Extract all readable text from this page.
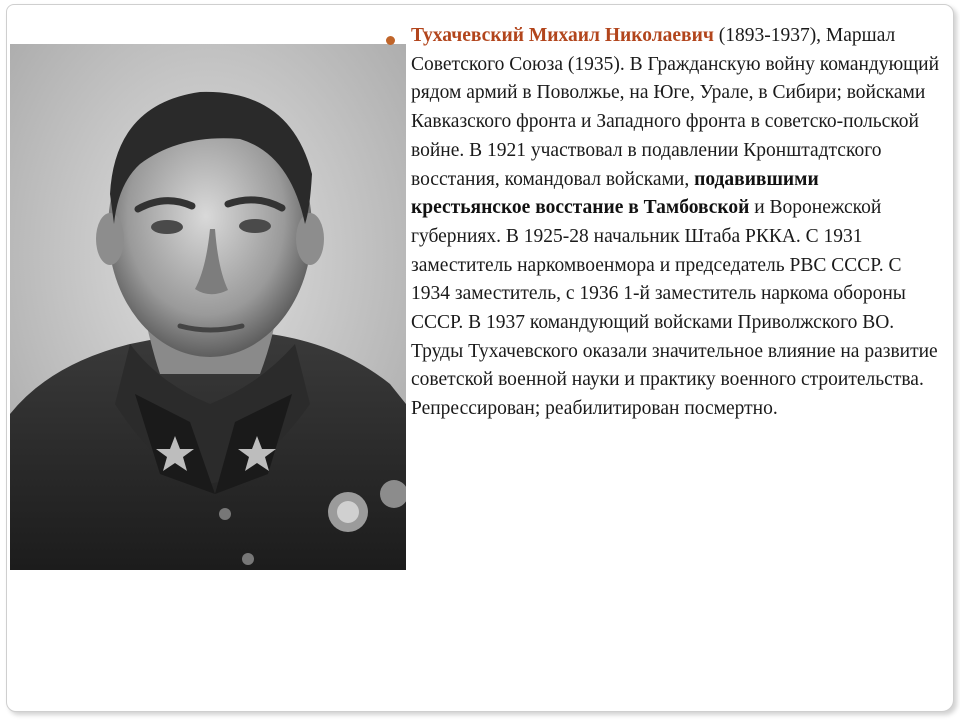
Тухачевский Михаил Николаевич (1893-1937), Маршал Советского Союза (1935). В Гражданскую войну командующий рядом армий в Поволжье, на Юге, Урале, в Сибири; войсками Кавказского фронта и Западного фронта в советско-польской войне. В 1921 участвовал в подавлении Кронштадтского восстания, командовал войсками, подавившими крестьянское восстание в Тамбовской и Воронежской губерниях. В 1925-28 начальник Штаба РККА. С 1931 заместитель наркомвоенмора и председатель РВС СССР. С 1934 заместитель, с 1936 1-й заместитель наркома обороны СССР. В 1937 командующий войсками Приволжского ВО. Труды Тухачевского оказали значительное влияние на развитие советской военной науки и практику военного строительства. Репрессирован; реабилитирован посмертно.
